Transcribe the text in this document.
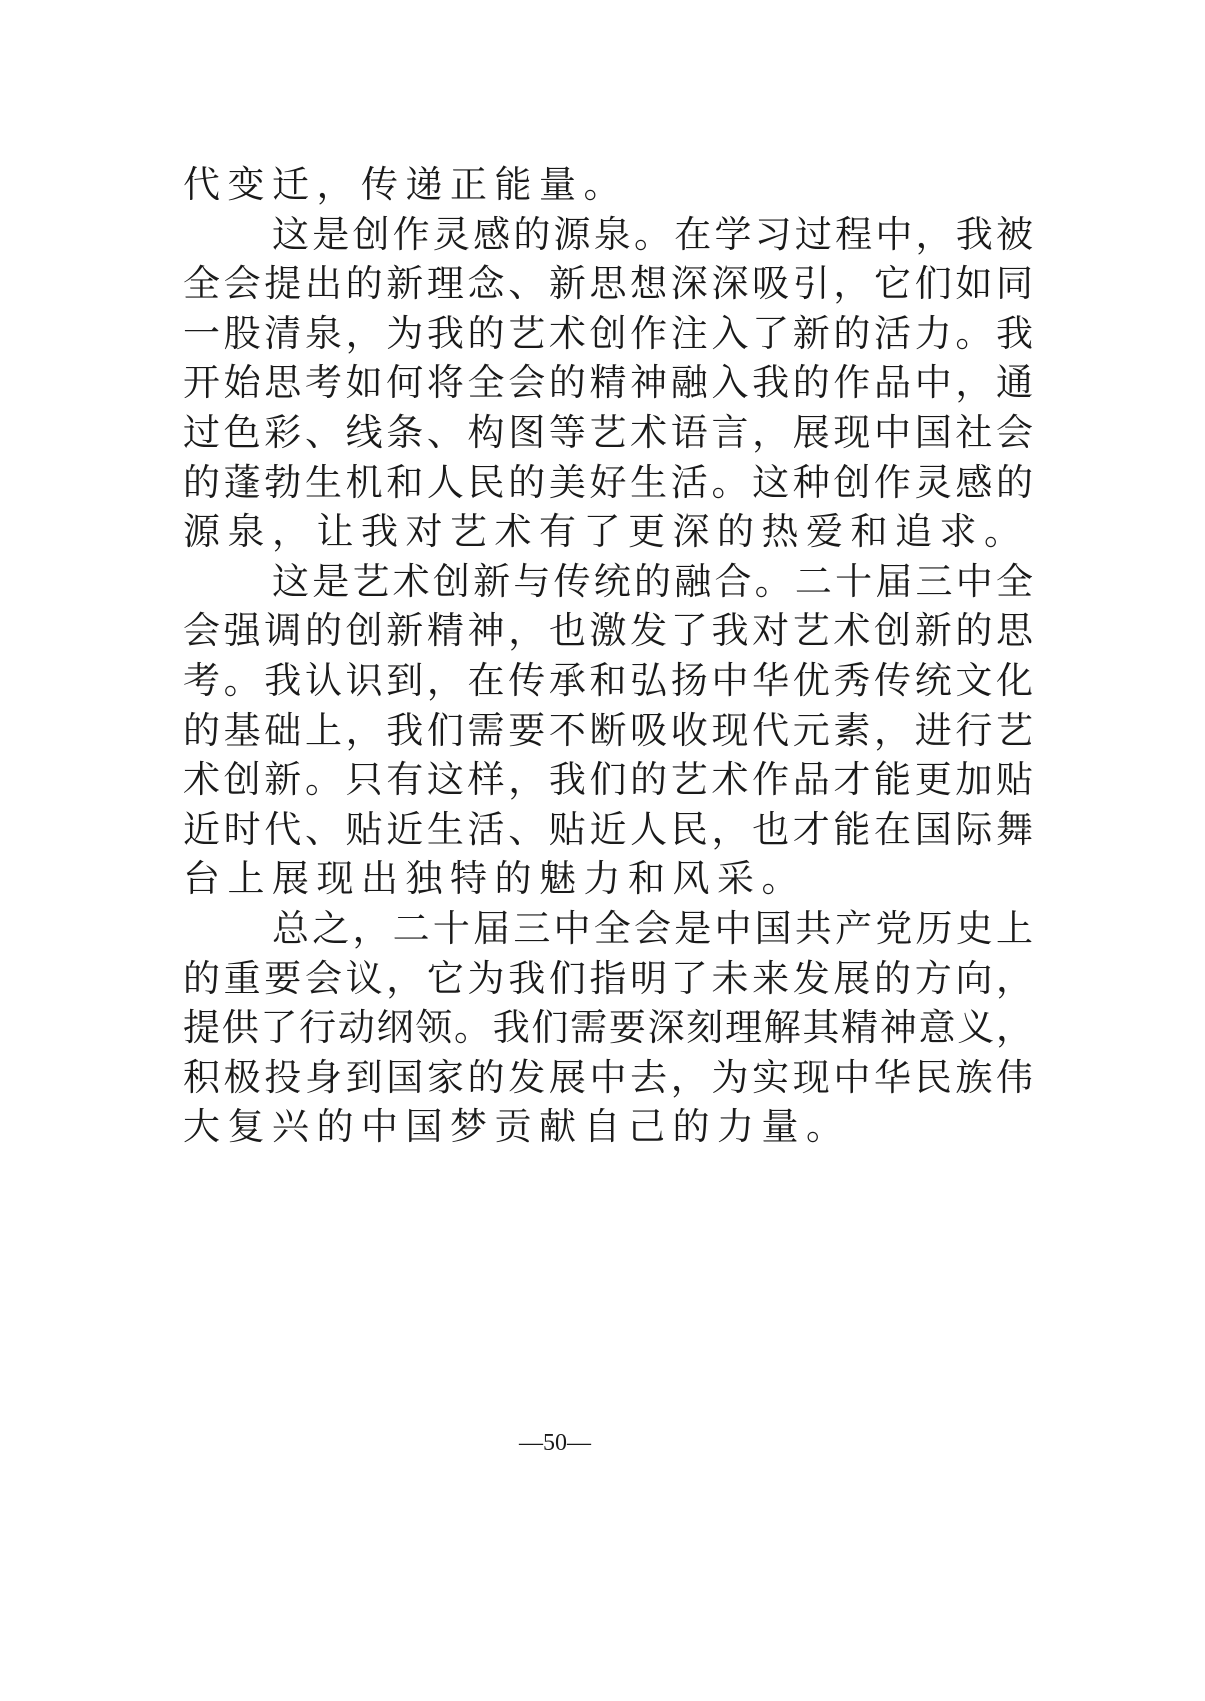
代变迁，传递正能量。
这是创作灵感的源泉。在学习过程中，我被
全会提出的新理念、新思想深深吸引，它们如同
一股清泉，为我的艺术创作注入了新的活力。我
开始思考如何将全会的精神融入我的作品中，通
过色彩、线条、构图等艺术语言，展现中国社会
的蓬勃生机和人民的美好生活。这种创作灵感的
源泉，让我对艺术有了更深的热爱和追求。
这是艺术创新与传统的融合。二十届三中全
会强调的创新精神，也激发了我对艺术创新的思
考。我认识到，在传承和弘扬中华优秀传统文化
的基础上，我们需要不断吸收现代元素，进行艺
术创新。只有这样，我们的艺术作品才能更加贴
近时代、贴近生活、贴近人民，也才能在国际舞
台上展现出独特的魅力和风采。
总之，二十届三中全会是中国共产党历史上
的重要会议，它为我们指明了未来发展的方向，
提供了行动纲领。我们需要深刻理解其精神意义，
积极投身到国家的发展中去，为实现中华民族伟
大复兴的中国梦贡献自己的力量。
—50—
